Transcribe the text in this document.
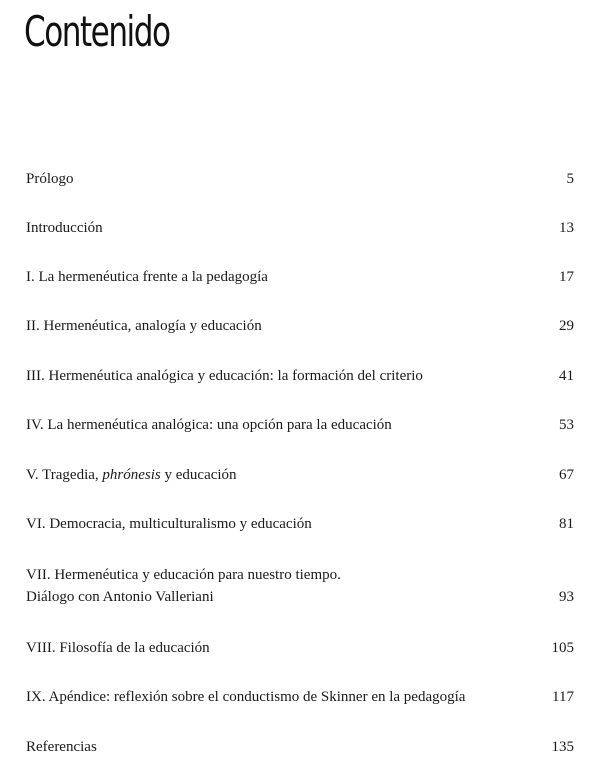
Contenido
Prólogo	5
Introducción	13
I. La hermenéutica frente a la pedagogía	17
II. Hermenéutica, analogía y educación	29
III. Hermenéutica analógica y educación: la formación del criterio	41
IV. La hermenéutica analógica: una opción para la educación	53
V. Tragedia, phrónesis y educación	67
VI. Democracia, multiculturalismo y educación	81
VII. Hermenéutica y educación para nuestro tiempo.
Diálogo con Antonio Valleriani	93
VIII. Filosofía de la educación	105
IX. Apéndice: reflexión sobre el conductismo de Skinner en la pedagogía	117
Referencias	135
